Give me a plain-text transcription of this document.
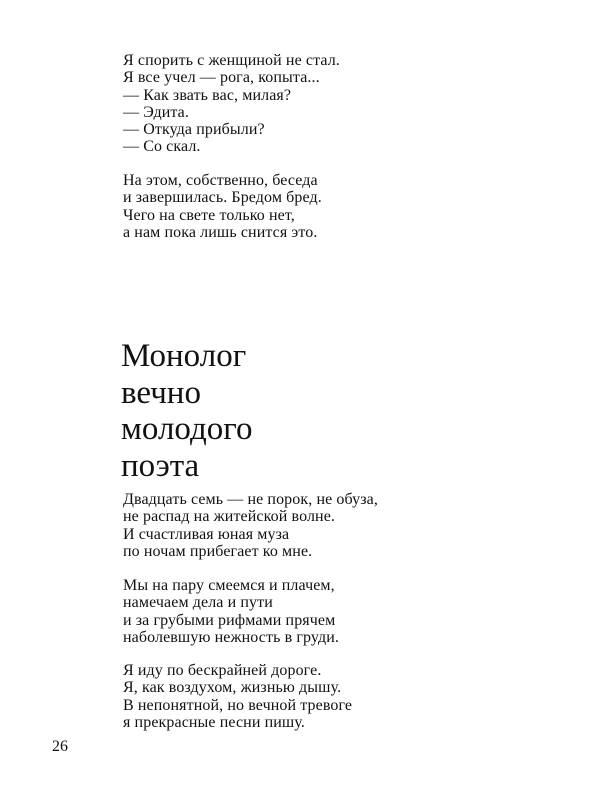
Я спорить с женщиной не стал.
Я все учел — рога, копыта...
— Как звать вас, милая?
— Эдита.
— Откуда прибыли?
— Со скал.
На этом, собственно, беседа
и завершилась. Бредом бред.
Чего на свете только нет,
а нам пока лишь снится это.
Монолог
вечно
молодого
поэта
Двадцать семь — не порок, не обуза,
не распад на житейской волне.
И счастливая юная муза
по ночам прибегает ко мне.
Мы на пару смеемся и плачем,
намечаем дела и пути
и за грубыми рифмами прячем
наболевшую нежность в груди.
Я иду по бескрайней дороге.
Я, как воздухом, жизнью дышу.
В непонятной, но вечной тревоге
я прекрасные песни пишу.
26
